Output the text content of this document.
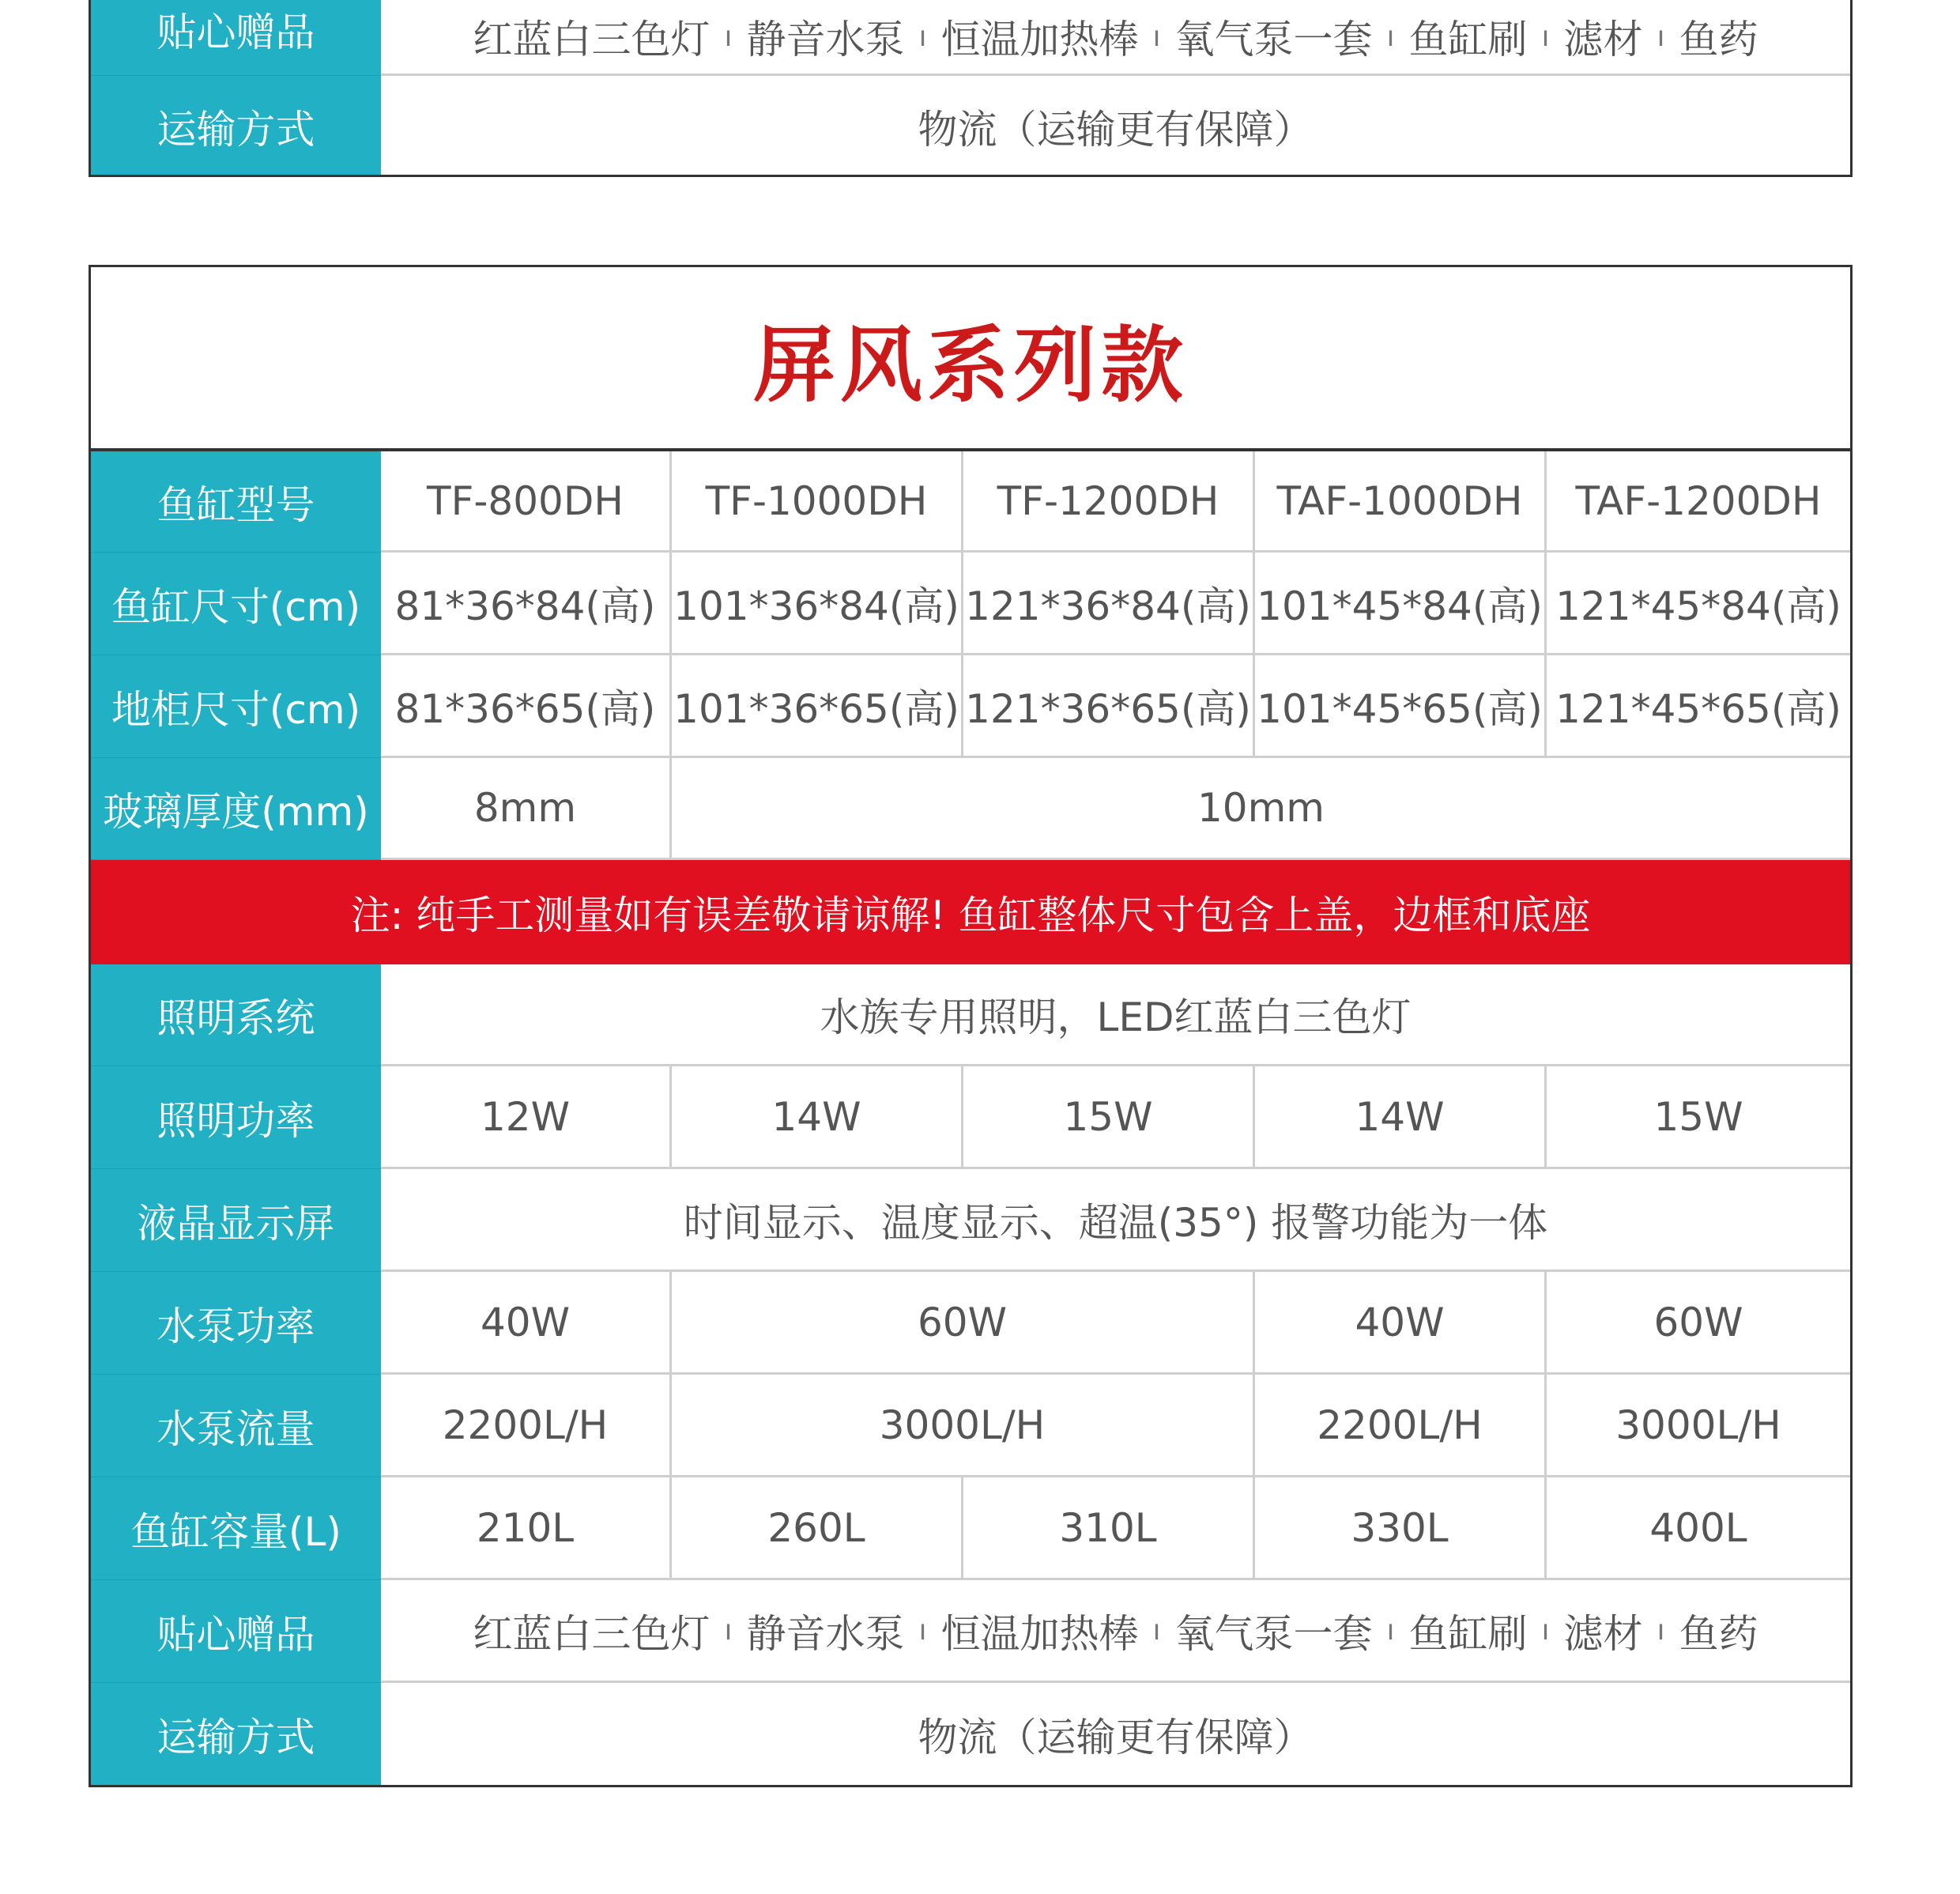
贴心赠品	红蓝白三色灯 ı 静音水泵 ı 恒温加热棒 ı 氧气泵一套 ı 鱼缸刷 ı 滤材 ı 鱼药
运输方式	物流（运输更有保障）
屏风系列款
鱼缸型号	TF-800DH TF-1000DH TF-1200DH TAF-1000DH TAF-1200DH
鱼缸尺寸(cm) 81*36*84(高) 101*36*84(高) 121*36*84(高) 101*45*84(高) 121*45*84(高)
地柜尺寸(cm) 81*36*65(高) 101*36*65(高) 121*36*65(高) 101*45*65(高) 121*45*65(高)
玻璃厚度(mm)	8mm	10mm
注: 纯手工测量如有误差敬请谅解! 鱼缸整体尺寸包含上盖，边框和底座
照明系统	水族专用照明，LED红蓝白三色灯
照明功率	12W	14W	15W	14W	15W
液晶显示屏	时间显示、温度显示、超温(35°) 报警功能为一体
水泵功率	40W	60W	40W	60W
水泵流量	2200L/H	3000L/H	2200L/H	3000L/H
鱼缸容量(L)	210L	260L	310L	330L	400L
贴心赠品	红蓝白三色灯 ı 静音水泵 ı 恒温加热棒 ı 氧气泵一套 ı 鱼缸刷 ı 滤材 ı 鱼药
运输方式	物流（运输更有保障）
